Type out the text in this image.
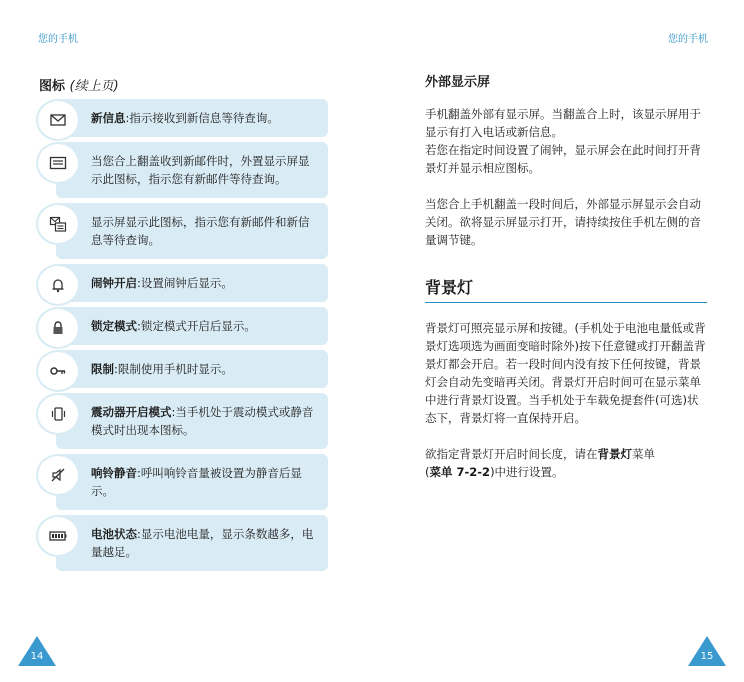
您的手机	您的手机
图标 (续上页)
新信息:指示接收到新信息等待查询。
当您合上翻盖收到新邮件时，外置显示屏显示此图标，指示您有新邮件等待查询。
显示屏显示此图标，指示您有新邮件和新信息等待查询。
闹钟开启:设置闹钟后显示。
锁定模式:锁定模式开启后显示。
限制:限制使用手机时显示。
震动器开启模式:当手机处于震动模式或静音模式时出现本图标。
响铃静音:呼叫响铃音量被设置为静音后显示。
电池状态:显示电池电量，显示条数越多，电量越足。
外部显示屏

手机翻盖外部有显示屏。当翻盖合上时，该显示屏用于显示有打入电话或新信息。

若您在指定时间设置了闹钟，显示屏会在此时间打开背景灯并显示相应图标。

当您合上手机翻盖一段时间后，外部显示屏显示会自动关闭。欲将显示屏显示打开，请持续按住手机左侧的音量调节键。

背景灯

背景灯可照亮显示屏和按键。(手机处于电池电量低或背景灯选项选为画面变暗时除外)按下任意键或打开翻盖背景灯都会开启。若一段时间内没有按下任何按键，背景灯会自动先变暗再关闭。背景灯开启时间可在显示菜单中进行背景灯设置。当手机处于车载免提套件(可选)状态下，背景灯将一直保持开启。

欲指定背景灯开启时间长度，请在背景灯菜单
(菜单 7-2-2)中进行设置。

14	15
